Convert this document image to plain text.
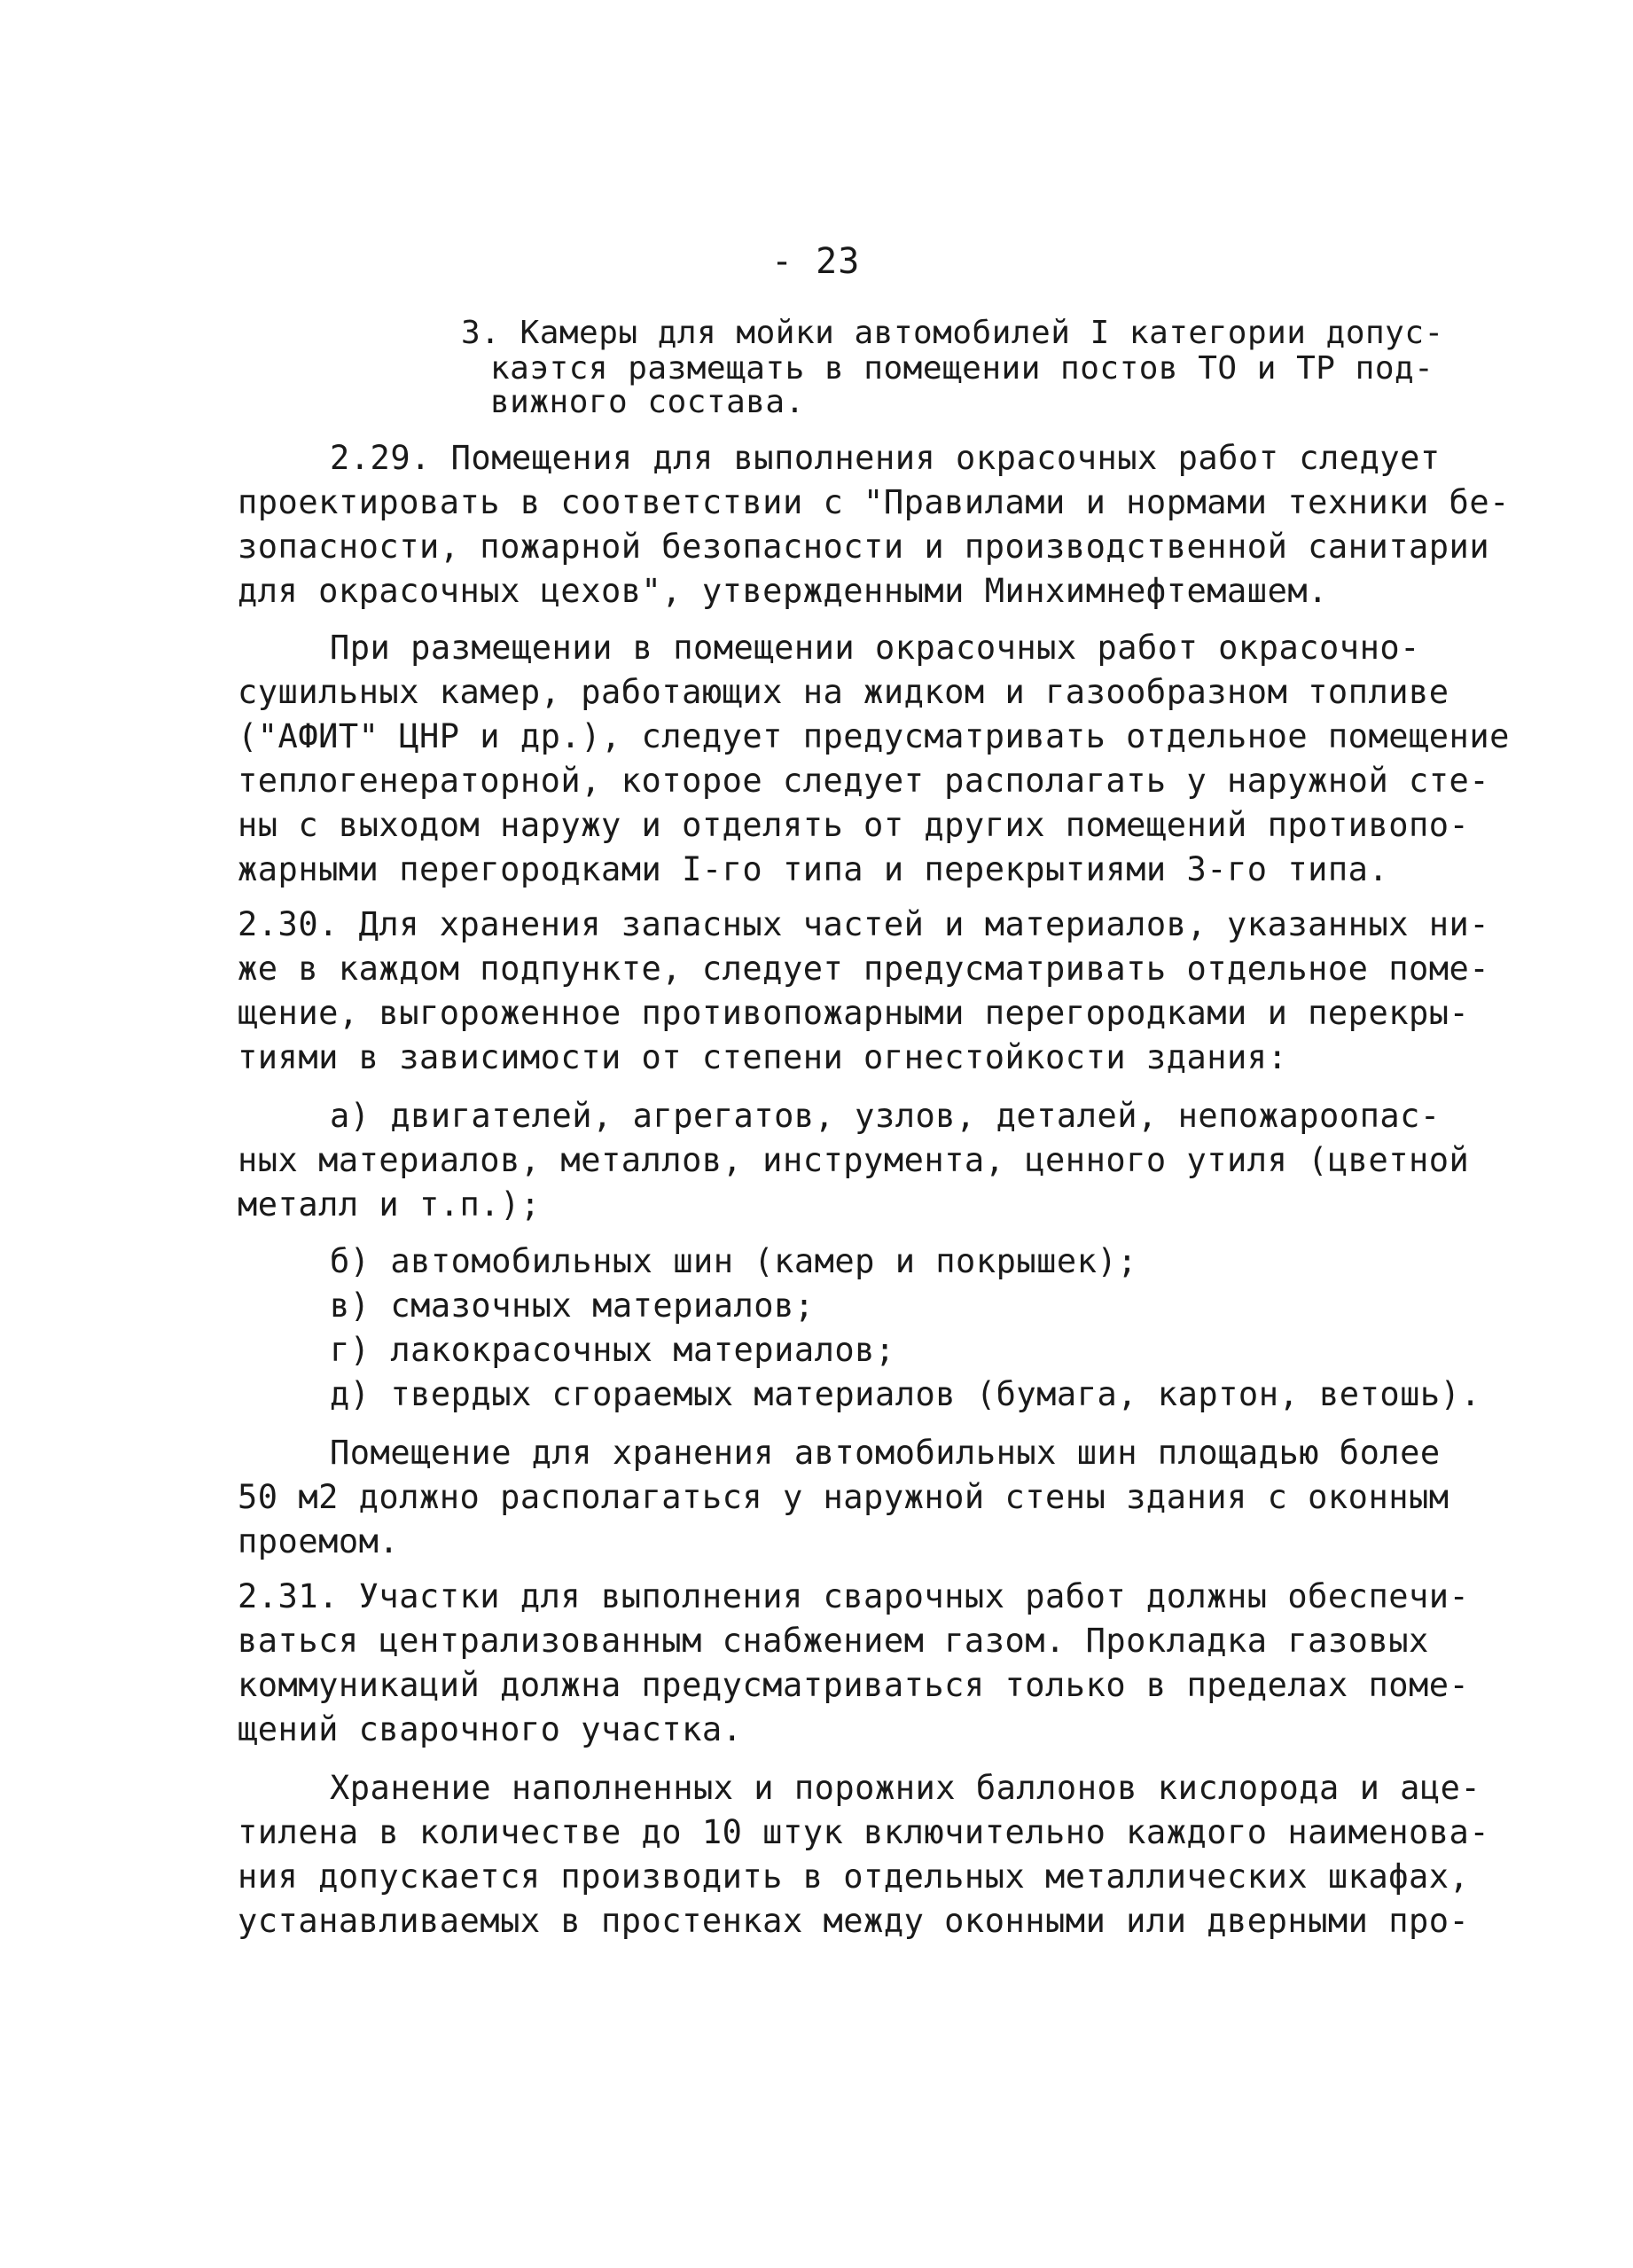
- 23
3. Камеры для мойки автомобилей I категории допус-
каэтся размещать в помещении постов ТО и ТР под-
вижного состава.
2.29. Помещения для выполнения окрасочных работ следует
проектировать в соответствии с "Правилами и нормами техники бе-
зопасности, пожарной безопасности и производственной санитарии
для окрасочных цехов", утвержденными Минхимнефтемашем.
При размещении в помещении окрасочных работ окрасочно-
сушильных камер, работающих на жидком и газообразном топливе
("АФИТ" ЦНР и др.), следует предусматривать отдельное помещение
теплогенераторной, которое следует располагать у наружной сте-
ны с выходом наружу и отделять от других помещений противопо-
жарными перегородками I-го типа и перекрытиями 3-го типа.
2.30. Для хранения запасных частей и материалов, указанных ни-
же в каждом подпункте, следует предусматривать отдельное поме-
щение, выгороженное противопожарными перегородками и перекры-
тиями в зависимости от степени огнестойкости здания:
а) двигателей, агрегатов, узлов, деталей, непожароопас-
ных материалов, металлов, инструмента, ценного утиля (цветной
металл и т.п.);
б) автомобильных шин (камер и покрышек);
в) смазочных материалов;
г) лакокрасочных материалов;
д) твердых сгораемых материалов (бумага, картон, ветошь).
Помещение для хранения автомобильных шин площадью более
50 м2 должно располагаться у наружной стены здания с оконным
проемом.
2.31. Участки для выполнения сварочных работ должны обеспечи-
ваться централизованным снабжением газом. Прокладка газовых
коммуникаций должна предусматриваться только в пределах поме-
щений сварочного участка.
Хранение наполненных и порожних баллонов кислорода и аце-
тилена в количестве до 10 штук включительно каждого наименова-
ния допускается производить в отдельных металлических шкафах,
устанавливаемых в простенках между оконными или дверными про-
